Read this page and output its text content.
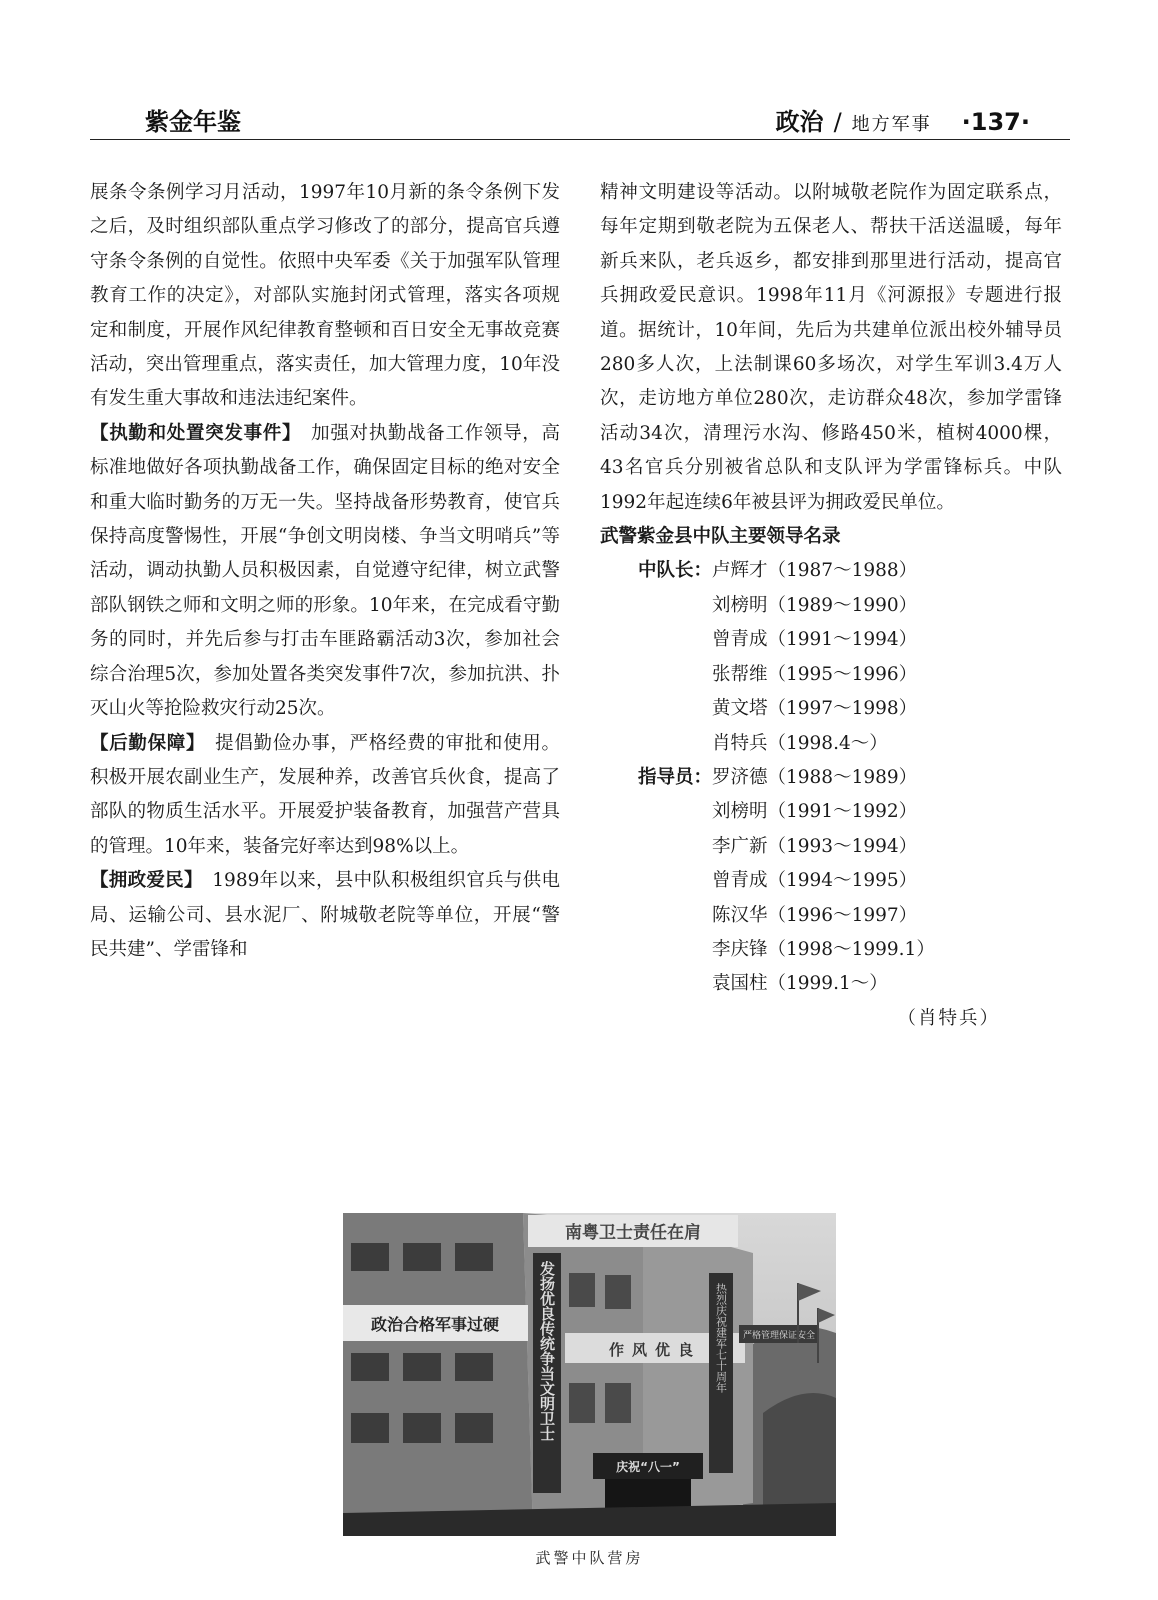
紫金年鉴	政治 / 地方军事 ·137·

展条令条例学习月活动，1997年10月新的条令条例下发之后，及时组织部队重点学习修改了的部分，提高官兵遵守条令条例的自觉性。依照中央军委《关于加强军队管理教育工作的决定》，对部队实施封闭式管理，落实各项规定和制度，开展作风纪律教育整顿和百日安全无事故竞赛活动，突出管理重点，落实责任，加大管理力度，10年没有发生重大事故和违法违纪案件。

【执勤和处置突发事件】　加强对执勤战备工作领导，高标准地做好各项执勤战备工作，确保固定目标的绝对安全和重大临时勤务的万无一失。坚持战备形势教育，使官兵保持高度警惕性，开展“争创文明岗楼、争当文明哨兵”等活动，调动执勤人员积极因素，自觉遵守纪律，树立武警部队钢铁之师和文明之师的形象。10年来，在完成看守勤务的同时，并先后参与打击车匪路霸活动3次，参加社会综合治理5次，参加处置各类突发事件7次，参加抗洪、扑灭山火等抢险救灾行动25次。

【后勤保障】　提倡勤俭办事，严格经费的审批和使用。积极开展农副业生产，发展种养，改善官兵伙食，提高了部队的物质生活水平。开展爱护装备教育，加强营产营具的管理。10年来，装备完好率达到98%以上。

【拥政爱民】　1989年以来，县中队积极组织官兵与供电局、运输公司、县水泥厂、附城敬老院等单位，开展“警民共建”、学雷锋和

精神文明建设等活动。以附城敬老院作为固定联系点，每年定期到敬老院为五保老人、帮扶干活送温暖，每年新兵来队，老兵返乡，都安排到那里进行活动，提高官兵拥政爱民意识。1998年11月《河源报》专题进行报道。据统计，10年间，先后为共建单位派出校外辅导员280多人次，上法制课60多场次，对学生军训3.4万人次，走访地方单位280次，走访群众48次，参加学雷锋活动34次，清理污水沟、修路450米，植树4000棵，43名官兵分别被省总队和支队评为学雷锋标兵。中队1992年起连续6年被县评为拥政爱民单位。

武警紫金县中队主要领导名录

中队长： 卢辉才（1987～1988）
刘榜明（1989～1990）
曾青成（1991～1994）
张帮维（1995～1996）
黄文塔（1997～1998）
肖特兵（1998.4～）
指导员： 罗济德（1988～1989）
刘榜明（1991～1992）
李广新（1993～1994）
曾青成（1994～1995）
陈汉华（1996～1997）
李庆锋（1998～1999.1）
袁国柱（1999.1～）

（肖特兵）

南粤卫士责任在肩
政治合格军事过硬	发扬优良传统争当文明卫士	作风优良 热烈庆祝建军七十周年 严格管理保证安全
庆祝“八一”
武警中队营房
